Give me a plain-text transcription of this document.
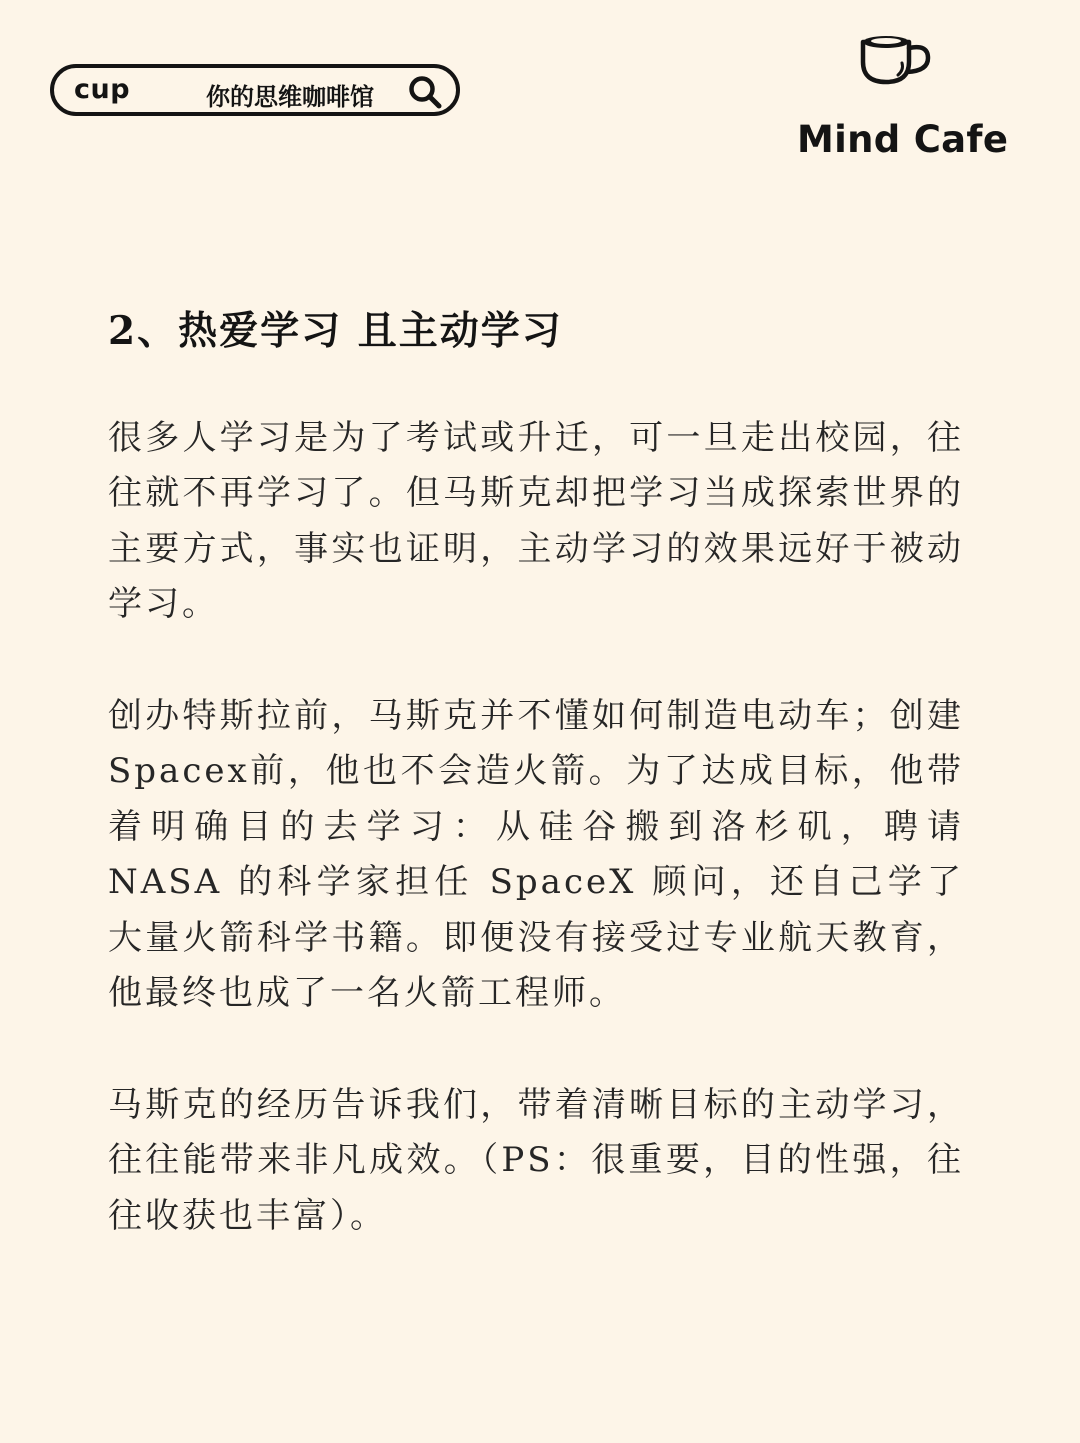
cup	你的思维咖啡馆
Mind Cafe
2、热爱学习 且主动学习

很多人学习是为了考试或升迁，可一旦走出校园，往往就不再学习了。但马斯克却把学习当成探索世界的主要方式，事实也证明，主动学习的效果远好于被动学习。

创办特斯拉前，马斯克并不懂如何制造电动车；创建 Spacex前，他也不会造火箭。为了达成目标，他带着明确目的去学习：从硅谷搬到洛杉矶，聘请 NASA 的科学家担任 SpaceX 顾问，还自己学了大量火箭科学书籍。即便没有接受过专业航天教育，他最终也成了一名火箭工程师。

马斯克的经历告诉我们，带着清晰目标的主动学习，往往能带来非凡成效。（PS：很重要，目的性强，往往收获也丰富）。
